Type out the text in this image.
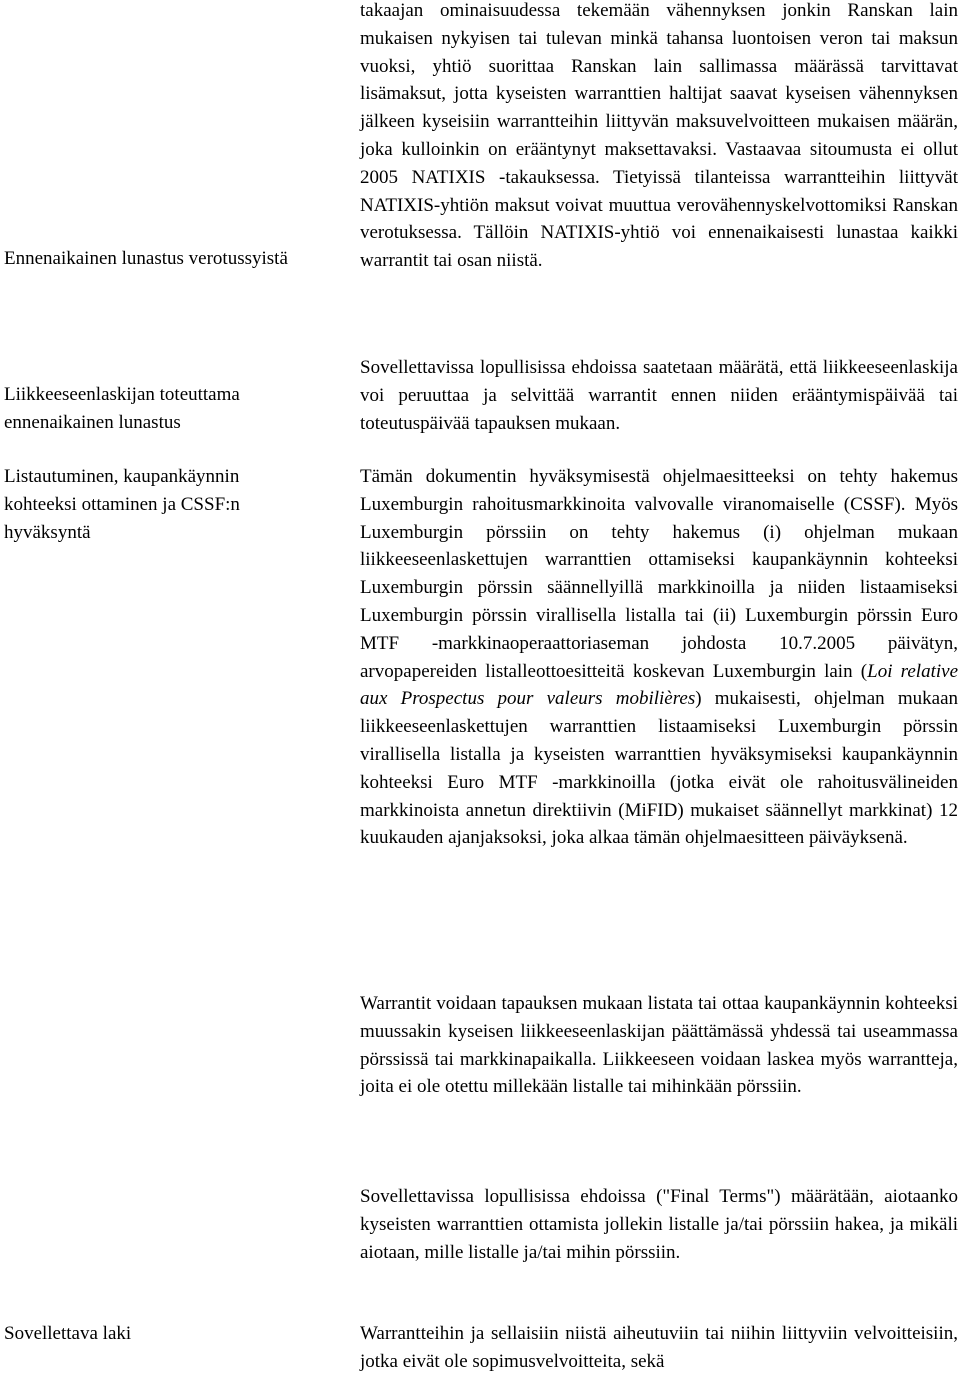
takaajan ominaisuudessa tekemään vähennyksen jonkin Ranskan lain mukaisen nykyisen tai tulevan minkä tahansa luontoisen veron tai maksun vuoksi, yhtiö suorittaa Ranskan lain sallimassa määrässä tarvittavat lisämaksut, jotta kyseisten warranttien haltijat saavat kyseisen vähennyksen jälkeen kyseisiin warrantteihin liittyvän maksuvelvoitteen mukaisen määrän, joka kulloinkin on erääntynyt maksettavaksi. Vastaavaa sitoumusta ei ollut 2005 NATIXIS -takauksessa. Tietyissä tilanteissa warrantteihin liittyvät NATIXIS-yhtiön maksut voivat muuttua verovähennyskelvottomiksi Ranskan verotuksessa. Tällöin NATIXIS-yhtiö voi ennenaikaisesti lunastaa kaikki warrantit tai osan niistä.

Ennenaikainen lunastus verotussyistä

Sovellettavissa lopullisissa ehdoissa saatetaan määrätä, että liikkeeseenlaskija voi peruuttaa ja selvittää warrantit ennen niiden erääntymispäivää tai toteutuspäivää tapauksen mukaan.

Liikkeeseenlaskijan toteuttama ennenaikainen lunastus

Tämän dokumentin hyväksymisestä ohjelmaesitteeksi on tehty hakemus Luxemburgin rahoitusmarkkinoita valvovalle viranomaiselle (CSSF). Myös Luxemburgin pörssiin on tehty hakemus (i) ohjelman mukaan liikkeeseenlaskettujen warranttien ottamiseksi kaupankäynnin kohteeksi Luxemburgin pörssin säännellyillä markkinoilla ja niiden listaamiseksi Luxemburgin pörssin virallisella listalla tai (ii) Luxemburgin pörssin Euro MTF -markkinaoperaattoriaseman johdosta 10.7.2005 päivätyn, arvopapereiden listalleottoesitteitä koskevan Luxemburgin lain (Loi relative aux Prospectus pour valeurs mobilières) mukaisesti, ohjelman mukaan liikkeeseenlaskettujen warranttien listaamiseksi Luxemburgin pörssin virallisella listalla ja kyseisten warranttien hyväksymiseksi kaupankäynnin kohteeksi Euro MTF -markkinoilla (jotka eivät ole rahoitusvälineiden markkinoista annetun direktiivin (MiFID) mukaiset säännellyt markkinat) 12 kuukauden ajanjaksoksi, joka alkaa tämän ohjelmaesitteen päiväyksenä.

Listautuminen, kaupankäynnin kohteeksi ottaminen ja CSSF:n hyväksyntä

Warrantit voidaan tapauksen mukaan listata tai ottaa kaupankäynnin kohteeksi muussakin kyseisen liikkeeseenlaskijan päättämässä yhdessä tai useammassa pörssissä tai markkinapaikalla. Liikkeeseen voidaan laskea myös warrantteja, joita ei ole otettu millekään listalle tai mihinkään pörssiin.

Sovellettavissa lopullisissa ehdoissa ("Final Terms") määrätään, aiotaanko kyseisten warranttien ottamista jollekin listalle ja/tai pörssiin hakea, ja mikäli aiotaan, mille listalle ja/tai mihin pörssiin.

Sovellettava laki	Warrantteihin ja sellaisiin niistä aiheutuviin tai niihin liittyviin velvoitteisiin, jotka eivät ole sopimusvelvoitteita, sekä
